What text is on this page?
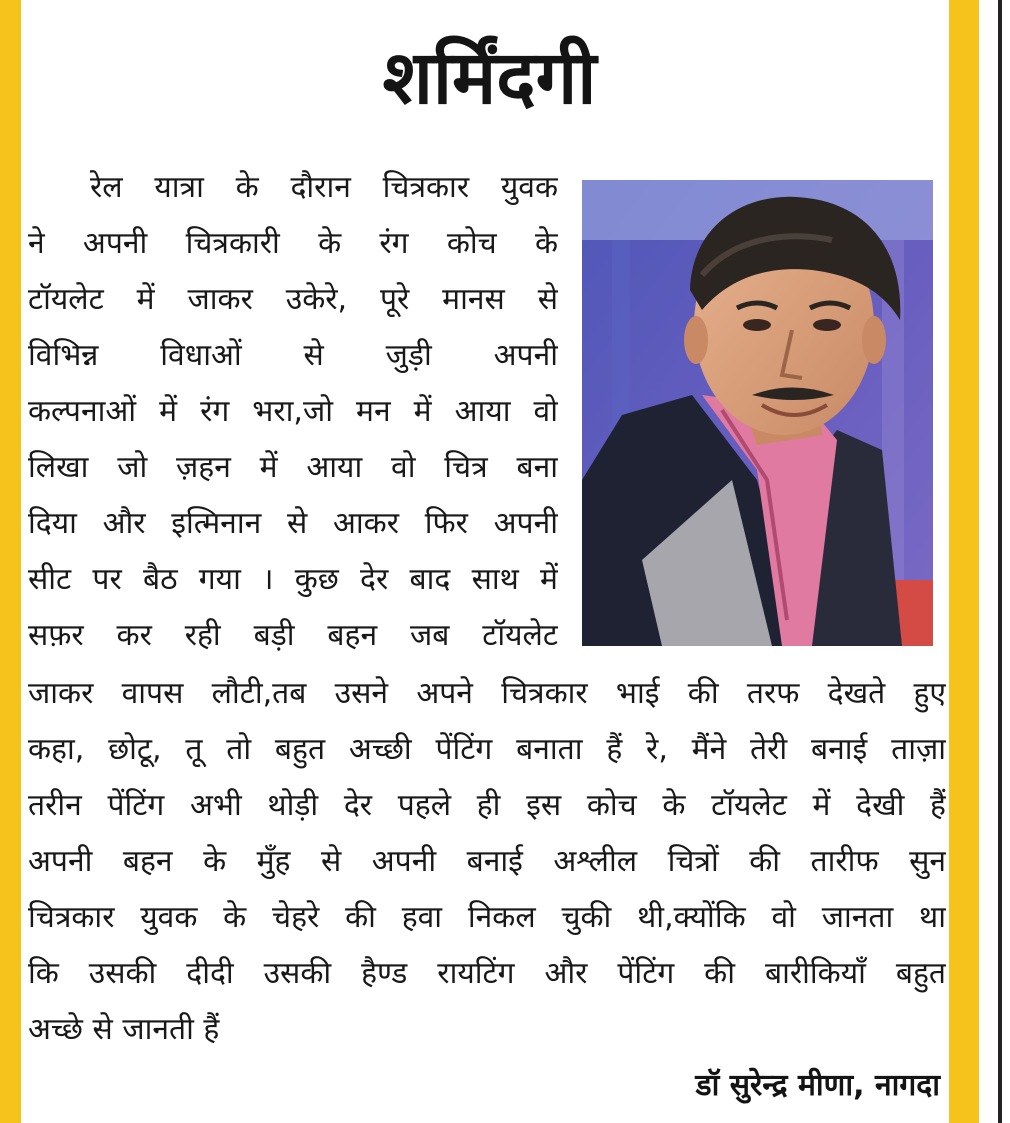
शर्मिंदगी
रेल यात्रा के दौरान चित्रकार युवक
ने अपनी चित्रकारी के रंग कोच के
टॉयलेट में जाकर उकेरे, पूरे मानस से
विभिन्न विधाओं से जुड़ी अपनी
कल्पनाओं में रंग भरा,जो मन में आया वो
लिखा जो ज़हन में आया वो चित्र बना
दिया और इत्मिनान से आकर फिर अपनी
सीट पर बैठ गया । कुछ देर बाद साथ में
सफ़र कर रही बड़ी बहन जब टॉयलेट
जाकर वापस लौटी,तब उसने अपने चित्रकार भाई की तरफ देखते हुए
कहा, छोटू, तू तो बहुत अच्छी पेंटिंग बनाता हैं रे, मैंने तेरी बनाई ताज़ा
तरीन पेंटिंग अभी थोड़ी देर पहले ही इस कोच के टॉयलेट में देखी हैं
अपनी बहन के मुँह से अपनी बनाई अश्लील चित्रों की तारीफ सुन
चित्रकार युवक के चेहरे की हवा निकल चुकी थी,क्योंकि वो जानता था
कि उसकी दीदी उसकी हैण्ड रायटिंग और पेंटिंग की बारीकियाँ बहुत
अच्छे से जानती हैं
डॉ सुरेन्द्र मीणा, नागदा
